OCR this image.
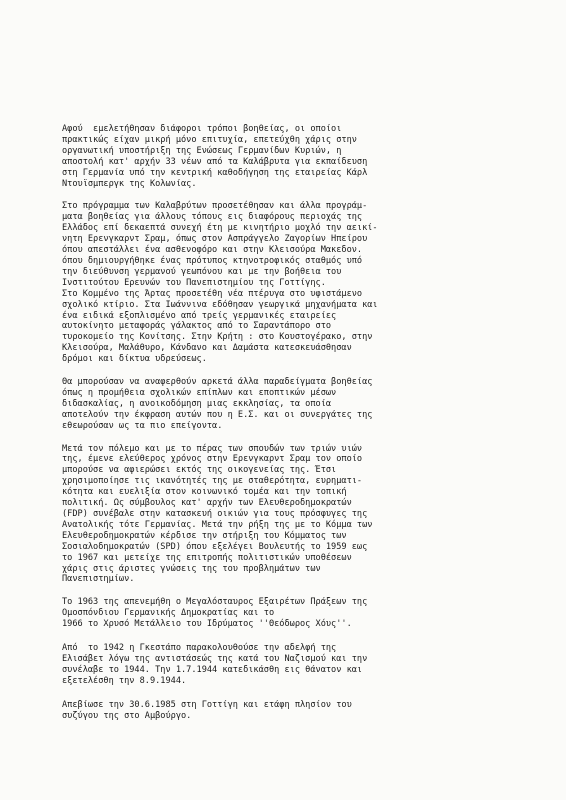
Αφού  εμελετήθησαν διάφοροι τρόποι βοηθείας, οι οποίοι
πρακτικώς είχαν μικρή μόνο επιτυχία, επετεύχθη χάρις στην
οργανωτική υποστήριξη της Ενώσεως Γερμανίδων Κυριών, η
αποστολή κατ' αρχήν 33 νέων από τα Καλάβρυτα για εκπαίδευση
στη Γερμανία υπό την κεντρική καθοδήγηση της εταιρείας Κάρλ
Ντουϊσμπεργκ της Κολωνίας.
Στο πρόγραμμα των Καλαβρύτων προσετέθησαν και άλλα προγράμ-
ματα βοηθείας για άλλους τόπους εις διαφόρους περιοχάς της
Ελλάδος επί δεκαεπτά συνεχή έτη με κινητήριο μοχλό την αεικί-
νητη Ερενγκαρντ Σραμ, όπως στον Ασπράγγελο Ζαγορίων Ηπείρου
όπου απεστάλλει ένα ασθενοφόρο και στην Κλεισούρα Μακεδον.
όπου δημιουργήθηκε ένας πρότυπος κτηνοτροφικός σταθμός υπό
την διεύθυνση γερμανού γεωπόνου και με την βοήθεια του
Ινστιτούτου Ερευνών του Πανεπιστημίου της Γοττίγης.
Στο Κομμένο της Άρτας προσετέθη νέα πτέρυγα στο υφιστάμενο
σχολικό κτίριο. Στα Ιωάννινα εδόθησαν γεωργικά μηχανήματα και
ένα ειδικά εξοπλισμένο από τρείς γερμανικές εταιρείες
αυτοκίνητο μεταφοράς γάλακτος από το Σαραντάπορο στο
τυροκομείο της Κονίτσης. Στην Κρήτη : στο Κουστογέρακο, στην
Κλεισούρα, Μαλάθυρο, Κάνδανο και Δαμάστα κατεσκευάσθησαν
δρόμοι και δίκτυα υδρεύσεως.
Θα μπορούσαν να αναφερθούν αρκετά άλλα παραδείγματα βοηθείας
όπως η προμήθεια σχολικών επίπλων και εποπτικών μέσων
διδασκαλίας, η ανοικοδόμηση μιας εκκλησίας, τα οποία
αποτελούν την έκφραση αυτών που η Ε.Σ. και οι συνεργάτες της
εθεωρούσαν ως τα πιο επείγοντα.
Μετά τον πόλεμο και με το πέρας των σπουδών των τριών υιών
της, έμενε ελεύθερος χρόνος στην Ερενγκαρντ Σραμ τον οποίο
μπορούσε να αφιερώσει εκτός της οικογενείας της. Έτσι
χρησιμοποίησε τις ικανότητές της με σταθερότητα, ευρηματι-
κότητα και ευελιξία στον κοινωνικό τομέα και την τοπική
πολιτική. Ως σύμβουλος κατ' αρχήν των Ελευθεροδημοκρατών
(FDP) συνέβαλε στην κατασκευή οικιών για τους πρόσφυγες της
Ανατολικής τότε Γερμανίας. Μετά την ρήξη της με το Κόμμα των
Ελευθεροδημοκρατών κέρδισε την στήριξη του Κόμματος των
Σοσιαλοδημοκρατών (SPD) όπου εξελέγει Βουλευτής το 1959 εως
το 1967 και μετείχε της επιτροπής πολιτιστικών υποθέσεων
χάρις στις άριστες γνώσεις της του προβλημάτων των
Πανεπιστημίων.
Το 1963 της απενεμήθη ο Μεγαλόσταυρος Εξαιρέτων Πράξεων της
Ομοσπόνδιου Γερμανικής Δημοκρατίας και το
1966 το Χρυσό Μετάλλειο του Ιδρύματος ''Θεόδωρος Χόυς''.
Από  το 1942 η Γκεστάπο παρακολουθούσε την αδελφή της
Ελισάβετ λόγω της αντιστάσεώς της κατά του Ναζισμού και την
συνέλαβε το 1944. Την 1.7.1944 κατεδικάσθη εις θάνατον και
εξετελέσθη την 8.9.1944.
Απεβίωσε την 30.6.1985 στη Γοττίγη και ετάφη πλησίον του
συζύγου της στο Αμβούργο.
